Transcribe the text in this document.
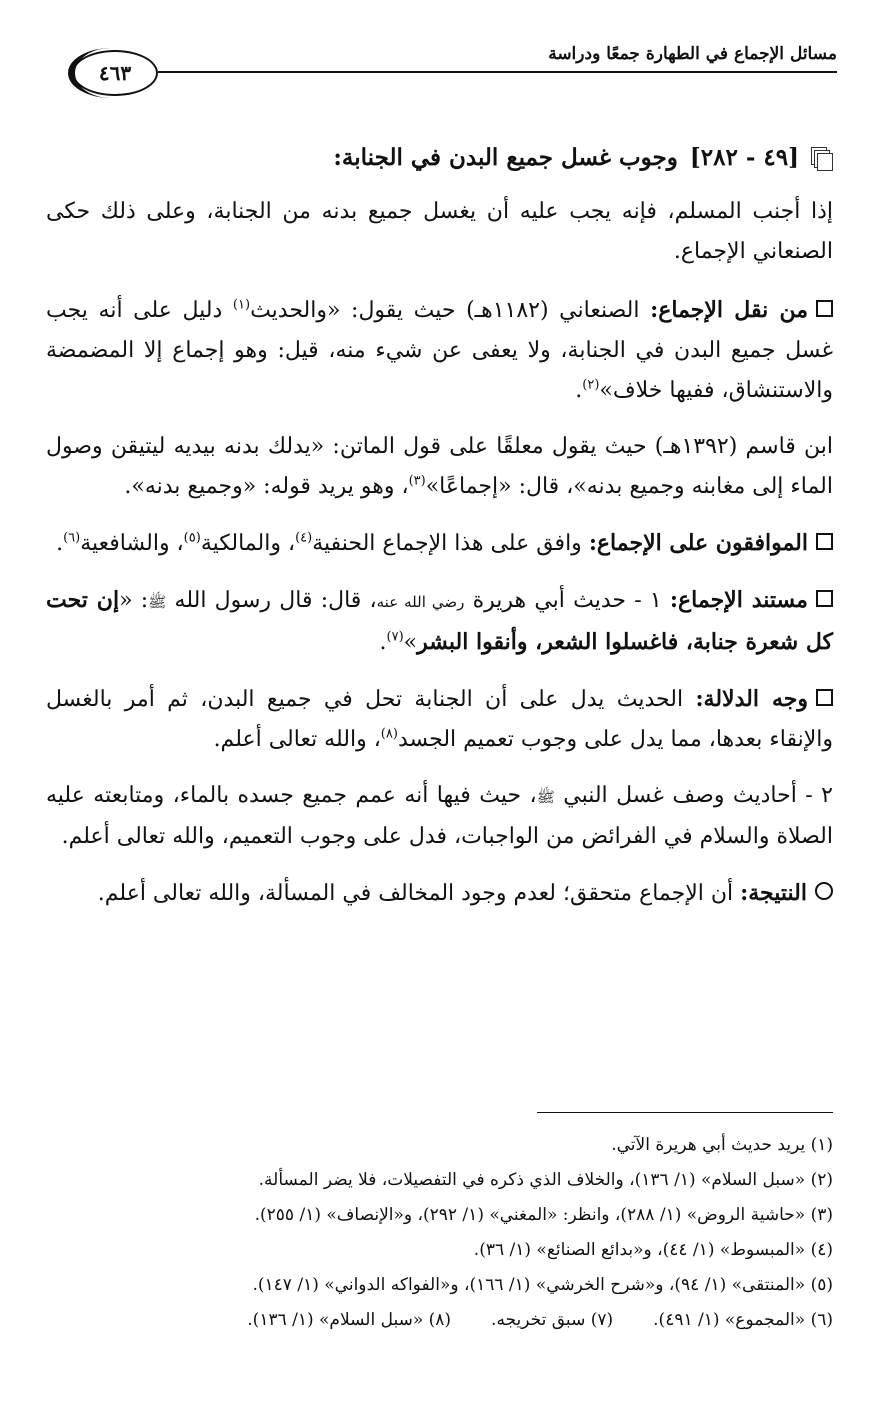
مسائل الإجماع في الطهارة جمعًا ودراسة
٤٦٣

[٤٩ - ٢٨٢]
وجوب غسل جميع البدن في الجنابة:

إذا أجنب المسلم، فإنه يجب عليه أن يغسل جميع بدنه من الجنابة، وعلى ذلك حكى الصنعاني الإجماع.

من نقل الإجماع: الصنعاني (١١٨٢هـ) حيث يقول: «والحديث$^{(١)}$ دليل على أنه يجب غسل جميع البدن في الجنابة، ولا يعفى عن شيء منه، قيل: وهو إجماع إلا المضمضة والاستنشاق، ففيها خلاف»$^{(٢)}$.

ابن قاسم (١٣٩٢هـ) حيث يقول معلقًا على قول الماتن: «يدلك بدنه بيديه ليتيقن وصول الماء إلى مغابنه وجميع بدنه»، قال: «إجماعًا»$^{(٣)}$، وهو يريد قوله: «وجميع بدنه».

الموافقون على الإجماع: وافق على هذا الإجماع الحنفية$^{(٤)}$، والمالكية$^{(٥)}$، والشافعية$^{(٦)}$.

مستند الإجماع: ١ - حديث أبي هريرة رضي الله عنه، قال: قال رسول الله ﷺ: «إن تحت كل شعرة جنابة، فاغسلوا الشعر، وأنقوا البشر»$^{(٧)}$.

وجه الدلالة: الحديث يدل على أن الجنابة تحل في جميع البدن، ثم أمر بالغسل والإنقاء بعدها، مما يدل على وجوب تعميم الجسد$^{(٨)}$، والله تعالى أعلم.

٢ - أحاديث وصف غسل النبي ﷺ، حيث فيها أنه عمم جميع جسده بالماء، ومتابعته عليه الصلاة والسلام في الفرائض من الواجبات، فدل على وجوب التعميم، والله تعالى أعلم.

النتيجة: أن الإجماع متحقق؛ لعدم وجود المخالف في المسألة، والله تعالى أعلم.

(١) يريد حديث أبي هريرة الآتي.
(٢) «سبل السلام» (١/ ١٣٦)، والخلاف الذي ذكره في التفصيلات، فلا يضر المسألة.
(٣) «حاشية الروض» (١/ ٢٨٨)، وانظر: «المغني» (١/ ٢٩٢)، و«الإنصاف» (١/ ٢٥٥).
(٤) «المبسوط» (١/ ٤٤)، و«بدائع الصنائع» (١/ ٣٦).
(٥) «المنتقى» (١/ ٩٤)، و«شرح الخرشي» (١/ ١٦٦)، و«الفواكه الدواني» (١/ ١٤٧).
(٦) «المجموع» (١/ ٤٩١).
(٧) سبق تخريجه.
(٨) «سبل السلام» (١/ ١٣٦).
